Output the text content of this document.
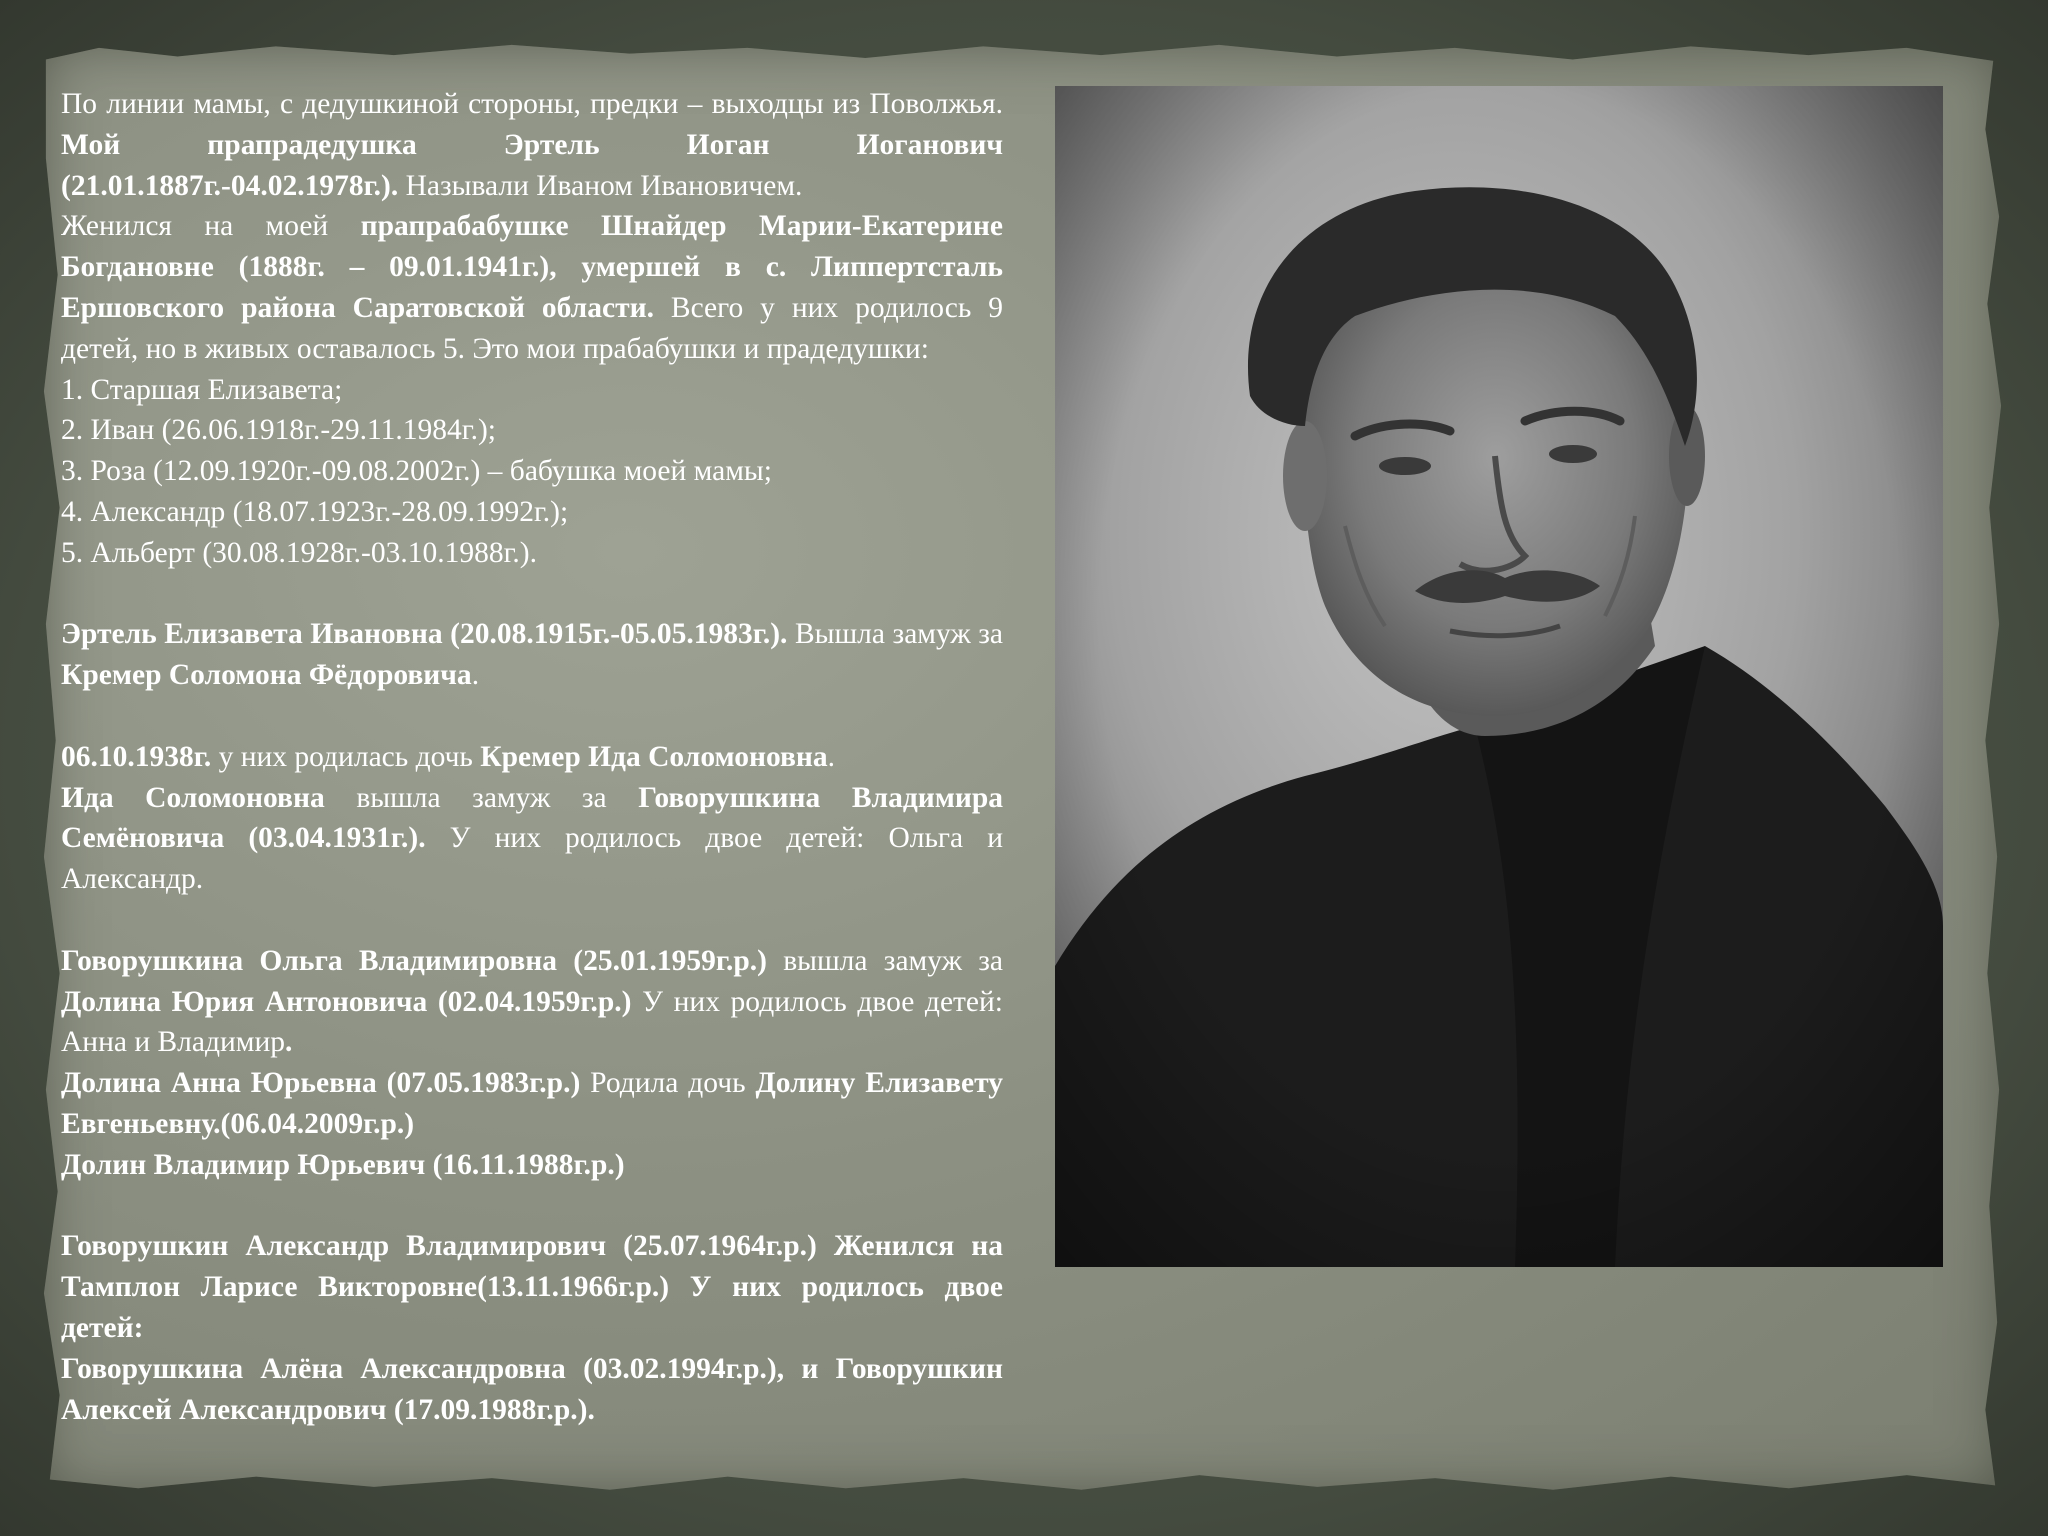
По линии мамы, с дедушкиной стороны, предки – выходцы из Поволжья. Мой прапрадедушка Эртель Иоган Иоганович (21.01.1887г.-04.02.1978г.). Называли Иваном Ивановичем.

Женился на моей прапрабабушке Шнайдер Марии-Екатерине Богдановне (1888г. – 09.01.1941г.), умершей в с. Липпертсталь Ершовского района Саратовской области. Всего у них родилось 9 детей, но в живых оставалось 5. Это мои прабабушки и прадедушки:

1. Старшая Елизавета;

2. Иван (26.06.1918г.-29.11.1984г.);

3. Роза (12.09.1920г.-09.08.2002г.) – бабушка моей мамы;

4. Александр (18.07.1923г.-28.09.1992г.);

5. Альберт (30.08.1928г.-03.10.1988г.).

Эртель Елизавета Ивановна (20.08.1915г.-05.05.1983г.). Вышла замуж за Кремер Соломона Фёдоровича.

06.10.1938г. у них родилась дочь Кремер Ида Соломоновна.

Ида Соломоновна вышла замуж за Говорушкина Владимира Семёновича (03.04.1931г.). У них родилось двое детей: Ольга и Александр.

Говорушкина Ольга Владимировна (25.01.1959г.р.) вышла замуж за Долина Юрия Антоновича (02.04.1959г.р.) У них родилось двое детей: Анна и Владимир.

Долина Анна Юрьевна (07.05.1983г.р.) Родила дочь Долину Елизавету Евгеньевну.(06.04.2009г.р.)

Долин Владимир Юрьевич (16.11.1988г.р.)

Говорушкин Александр Владимирович (25.07.1964г.р.) Женился на Тамплон Ларисе Викторовне(13.11.1966г.р.) У них родилось двое детей:

Говорушкина Алёна Александровна (03.02.1994г.р.), и Говорушкин Алексей Александрович (17.09.1988г.р.).
